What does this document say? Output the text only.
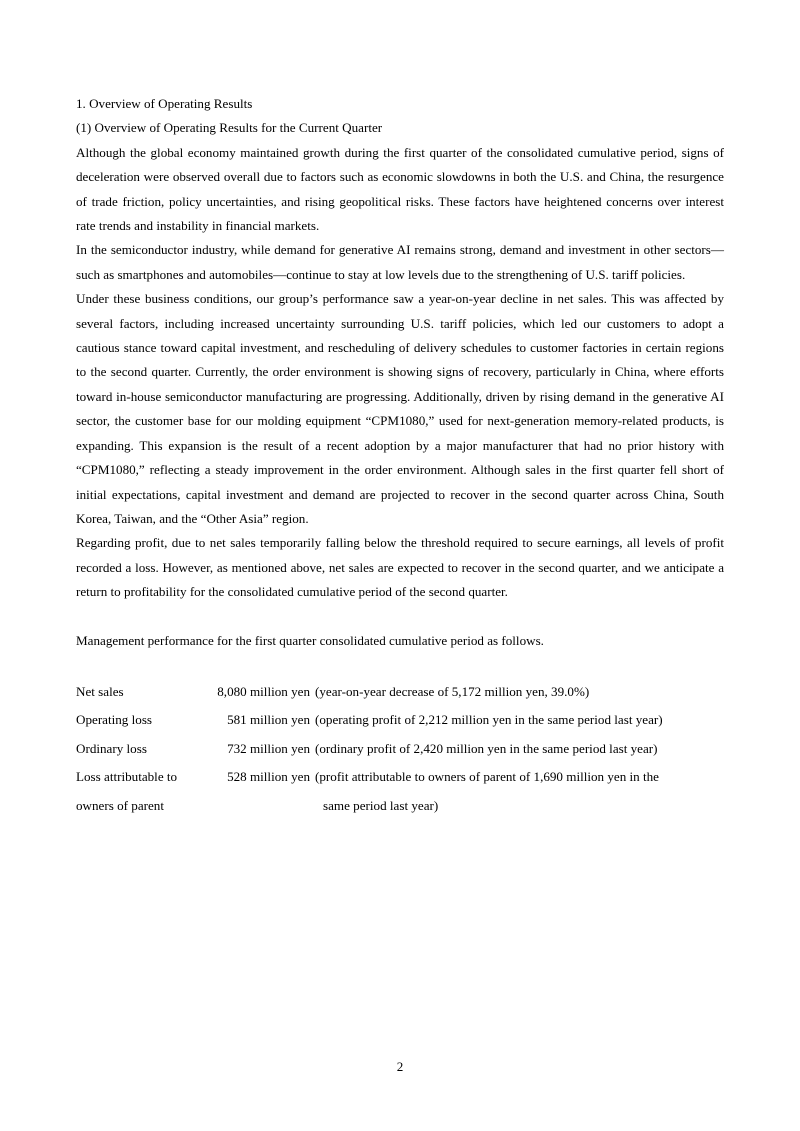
1. Overview of Operating Results
(1) Overview of Operating Results for the Current Quarter

Although the global economy maintained growth during the first quarter of the consolidated cumulative period, signs of deceleration were observed overall due to factors such as economic slowdowns in both the U.S. and China, the resurgence of trade friction, policy uncertainties, and rising geopolitical risks. These factors have heightened concerns over interest rate trends and instability in financial markets.

In the semiconductor industry, while demand for generative AI remains strong, demand and investment in other sectors—such as smartphones and automobiles—continue to stay at low levels due to the strengthening of U.S. tariff policies.

Under these business conditions, our group’s performance saw a year-on-year decline in net sales. This was affected by several factors, including increased uncertainty surrounding U.S. tariff policies, which led our customers to adopt a cautious stance toward capital investment, and rescheduling of delivery schedules to customer factories in certain regions to the second quarter. Currently, the order environment is showing signs of recovery, particularly in China, where efforts toward in-house semiconductor manufacturing are progressing. Additionally, driven by rising demand in the generative AI sector, the customer base for our molding equipment “CPM1080,” used for next-generation memory-related products, is expanding. This expansion is the result of a recent adoption by a major manufacturer that had no prior history with “CPM1080,” reflecting a steady improvement in the order environment. Although sales in the first quarter fell short of initial expectations, capital investment and demand are projected to recover in the second quarter across China, South Korea, Taiwan, and the “Other Asia” region.

Regarding profit, due to net sales temporarily falling below the threshold required to secure earnings, all levels of profit recorded a loss. However, as mentioned above, net sales are expected to recover in the second quarter, and we anticipate a return to profitability for the consolidated cumulative period of the second quarter.

Management performance for the first quarter consolidated cumulative period as follows.
Net sales	8,080 million yen	(year-on-year decrease of 5,172 million yen, 39.0%)
Operating loss	581 million yen	(operating profit of 2,212 million yen in the same period last year)
Ordinary loss	732 million yen	(ordinary profit of 2,420 million yen in the same period last year)
Loss attributable to
owners of parent	528 million yen	(profit attributable to owners of parent of 1,690 million yen in the
same period last year)
2
